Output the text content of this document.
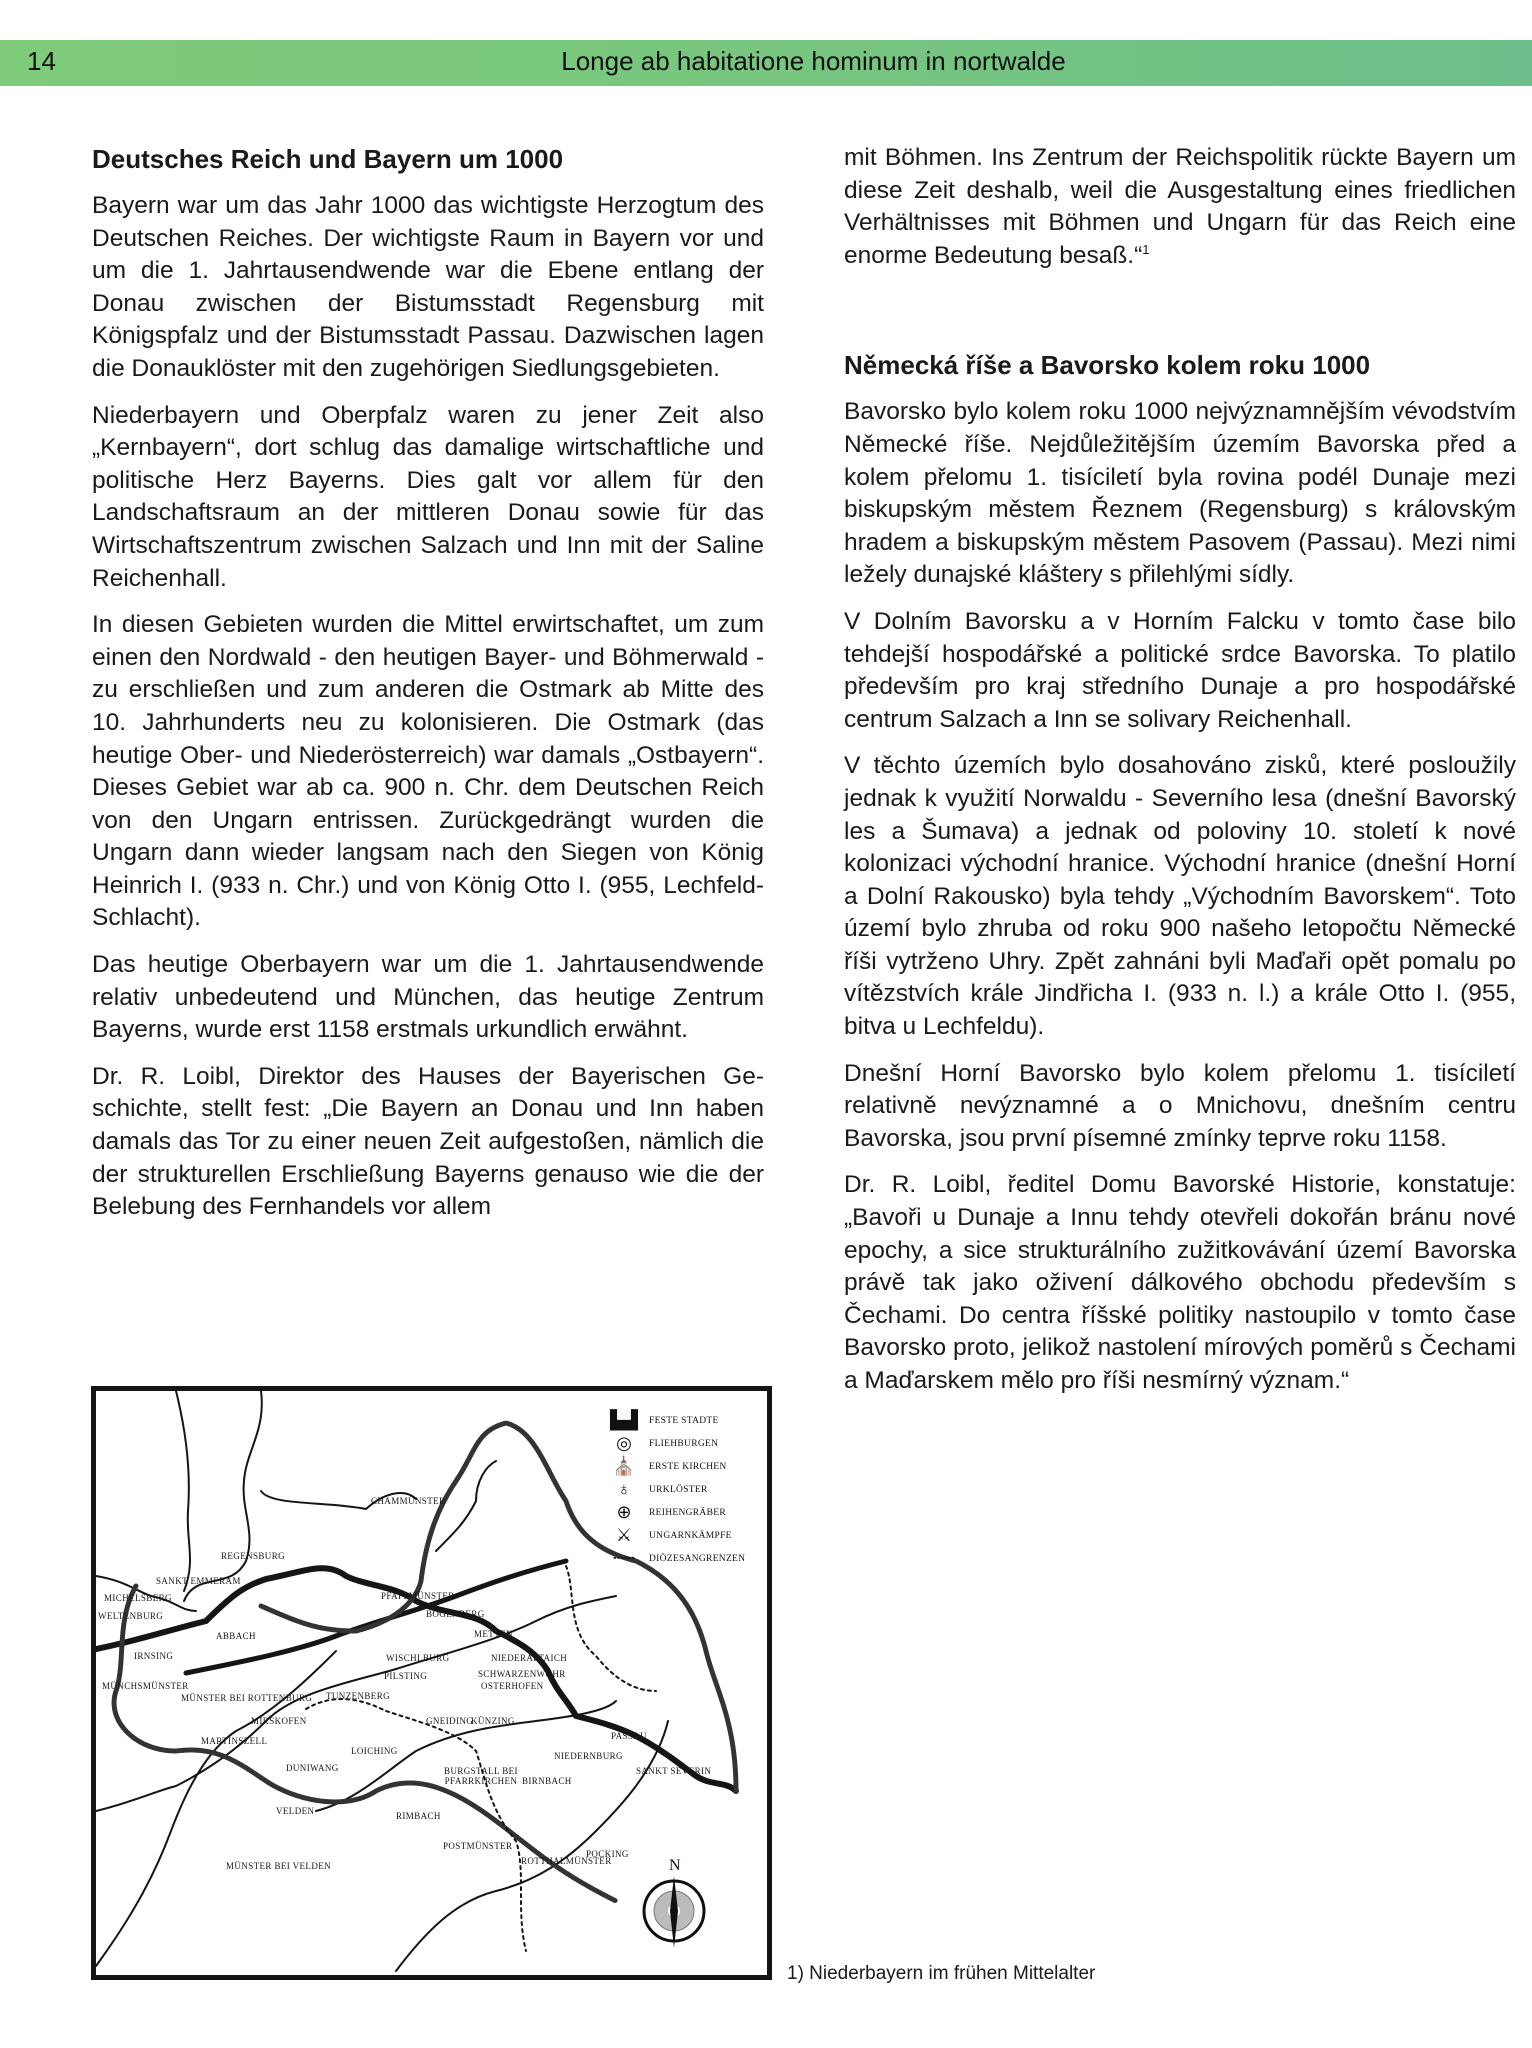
14	Longe ab habitatione hominum in nortwalde
Deutsches Reich und Bayern um 1000

Bayern war um das Jahr 1000 das wichtigste Herzogtum des Deutschen Reiches. Der wichtigste Raum in Bayern vor und um die 1. Jahrtausendwende war die Ebene entlang der Donau zwischen der Bistumsstadt Regensburg mit Königspfalz und der Bistumsstadt Passau. Dazwischen lagen die Donauklöster mit den zugehörigen Siedlungsgebieten.

Niederbayern und Oberpfalz waren zu jener Zeit also „Kernbayern“, dort schlug das damalige wirtschaftliche und politische Herz Bayerns. Dies galt vor allem für den Landschaftsraum an der mittleren Donau sowie für das Wirtschaftszentrum zwischen Salzach und Inn mit der Saline Reichenhall.

In diesen Gebieten wurden die Mittel erwirtschaftet, um zum einen den Nordwald - den heutigen Bayer- und Böhmerwald - zu erschließen und zum anderen die Ostmark ab Mitte des 10. Jahrhunderts neu zu kolonisieren. Die Ostmark (das heutige Ober- und Niederösterreich) war damals „Ostbayern“. Dieses Gebiet war ab ca. 900 n. Chr. dem Deutschen Reich von den Ungarn entrissen. Zurückgedrängt wurden die Ungarn dann wieder langsam nach den Siegen von König Heinrich I. (933 n. Chr.) und von König Otto I. (955, Lechfeld-Schlacht).

Das heutige Oberbayern war um die 1. Jahrtausendwende relativ unbedeutend und München, das heutige Zentrum Bayerns, wurde erst 1158 erstmals urkundlich erwähnt.

Dr. R. Loibl, Direktor des Hauses der Bayerischen Geschichte, stellt fest: „Die Bayern an Donau und Inn haben damals das Tor zu einer neuen Zeit aufgestoßen, nämlich die der strukturellen Erschließung Bayerns genauso wie die der Belebung des Fernhandels vor allem

mit Böhmen. Ins Zentrum der Reichspolitik rückte Bayern um diese Zeit deshalb, weil die Ausgestaltung eines friedlichen Verhältnisses mit Böhmen und Ungarn für das Reich eine enorme Bedeutung besaß.“$^1$

Německá říše a Bavorsko kolem roku 1000

Bavorsko bylo kolem roku 1000 nejvýznamnějším vévodstvím Německé říše. Nejdůležitějším územím Bavorska před a kolem přelomu 1. tisíciletí byla rovina podél Dunaje mezi biskupským městem Řeznem (Regensburg) s královským hradem a biskupským městem Pasovem (Passau). Mezi nimi ležely dunajské kláštery s přilehlými sídly.

V Dolním Bavorsku a v Horním Falcku v tomto čase bilo tehdejší hospodářské a politické srdce Bavorska. To platilo především pro kraj středního Dunaje a pro hospodářské centrum Salzach a Inn se solivary Reichenhall.

V těchto územích bylo dosahováno zisků, které posloužily jednak k využití Norwaldu - Severního lesa (dnešní Bavorský les a Šumava) a jednak od poloviny 10. století k nové kolonizaci východní hranice. Východní hranice (dnešní Horní a Dolní Rakousko) byla tehdy „Východním Bavorskem“. Toto území bylo zhruba od roku 900 našeho letopočtu Německé říši vytrženo Uhry. Zpět zahnáni byli Maďaři opět pomalu po vítězstvích krále Jindřicha I. (933 n. l.) a krále Otto I. (955, bitva u Lechfeldu).

Dnešní Horní Bavorsko bylo kolem přelomu 1. tisíciletí relativně nevýznamné a o Mnichovu, dnešním centru Bavorska, jsou první písemné zmínky teprve roku 1158.

Dr. R. Loibl, ředitel Domu Bavorské Historie, konstatuje: „Bavoři u Dunaje a Innu tehdy otevřeli dokořán bránu nové epochy, a sice strukturálního zužitkovávání území Bavorska právě tak jako oživení dálkového obchodu především s Čechami. Do centra říšské politiky nastoupilo v tomto čase Bavorsko proto, jelikož nastolení mírových poměrů s Čechami a Maďarskem mělo pro říši nesmírný význam.“

▙▟ FESTE STADTE
◎	FLIEHBURGEN
⛪	ERSTE KIRCHEN
♁	URKLÖSTER
⊕	REIHENGRÄBER
⚔	UNGARNKÄMPFE
┄┄	DIÖZESANGRENZEN
CHAMMÜNSTER
REGENSBURG
SANKT EMMERAM
MICHELSBERG
WELTENBURG
ABBACH
IRNSING
MÜNCHSMÜNSTER
MÜNSTER BEI ROTTENBURG
PFAFFMÜNSTER
BOGENBERG
METTEN
WISCHLBURG	NIEDERALTAICH
PILSTING	SCHWARZENWÖHR
OSTERHOFEN
TUNZENBERG
GNEIDING
KÜNZING
MIRSKOFEN
MARTINSZELL
LOICHING
DUNIWANG
PASSAU
NIEDERNBURG
SANKT SEVERIN
BURGSTALL BEI PFARRKIRCHEN BIRNBACH
RIMBACH
VELDEN
POSTMÜNSTER
MÜNSTER BEI VELDEN
POCKING
ROTTHALMÜNSTER	N
1) Niederbayern im frühen Mittelalter
